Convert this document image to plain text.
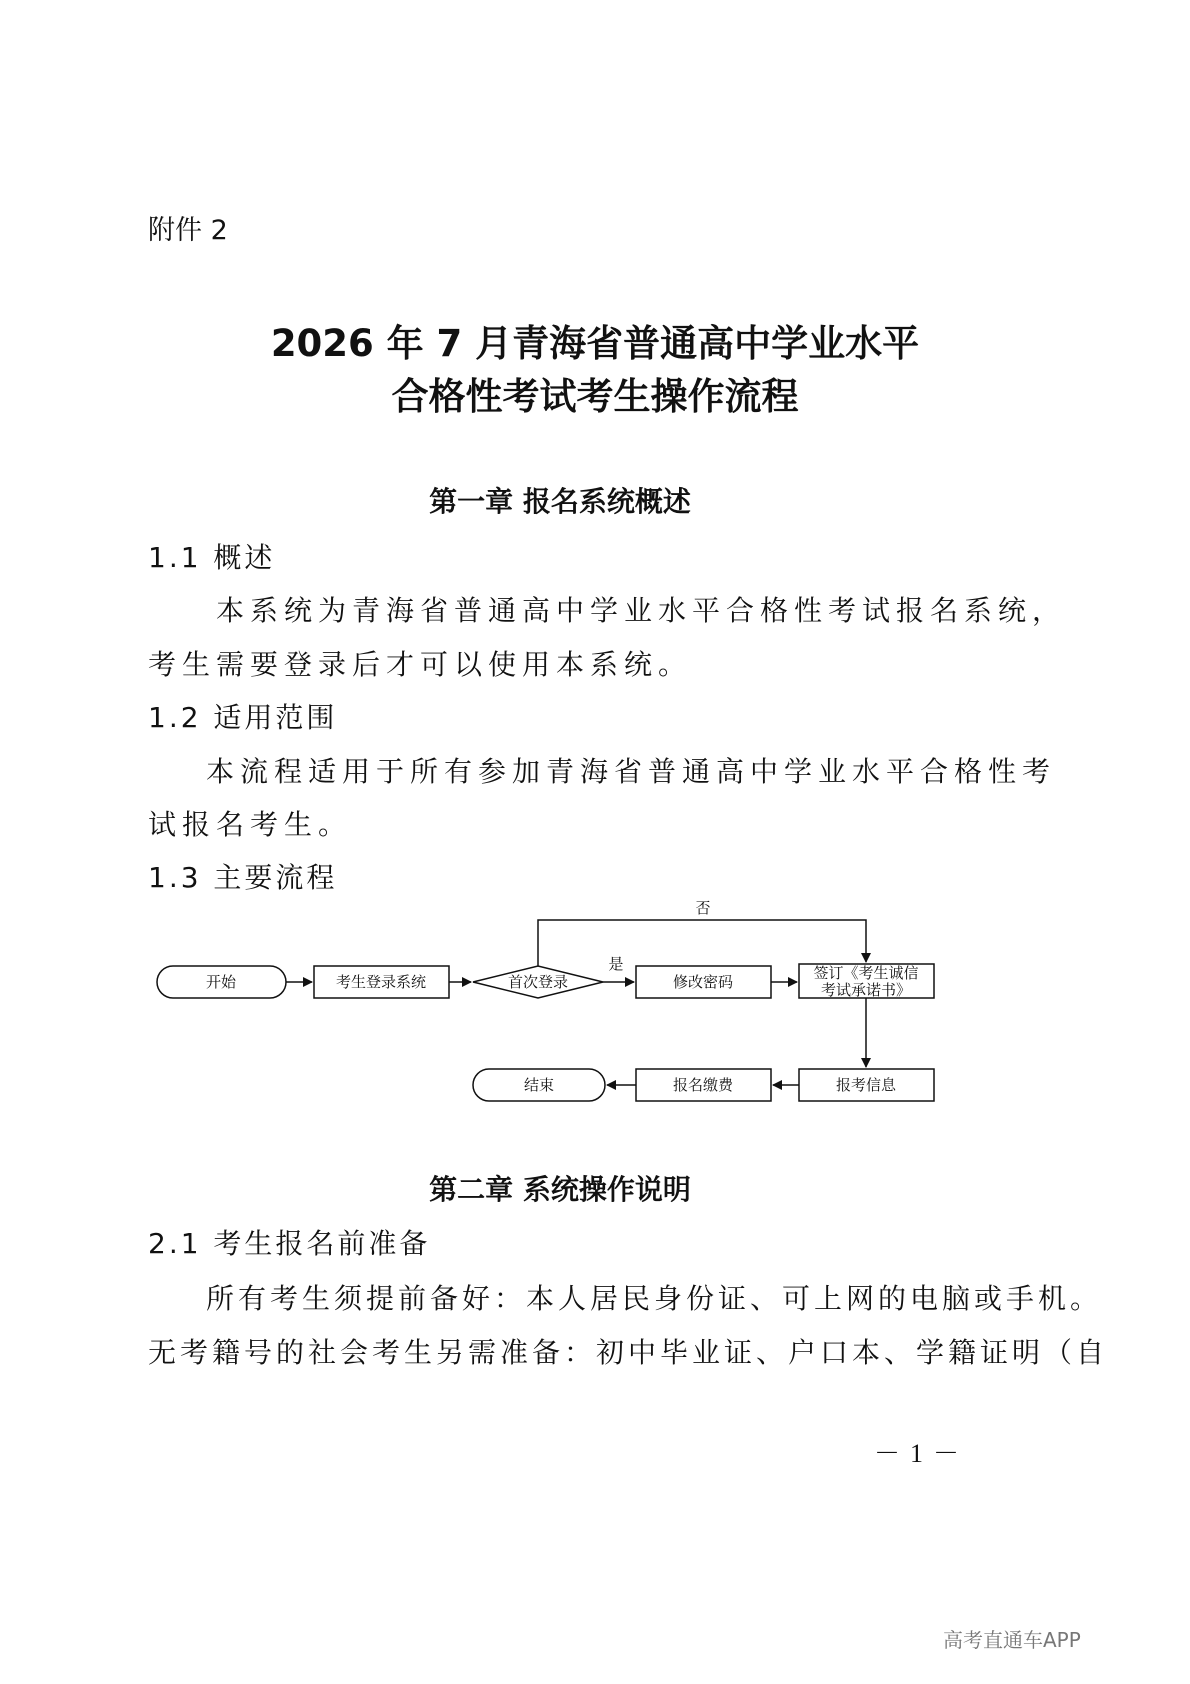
附件 2
2026 年 7 月青海省普通高中学业水平
合格性考试考生操作流程
第一章 报名系统概述
1.1 概述
本系统为青海省普通高中学业水平合格性考试报名系统，
考生需要登录后才可以使用本系统。
1.2 适用范围
本流程适用于所有参加青海省普通高中学业水平合格性考
试报名考生。
1.3 主要流程
开始	考生登录系统	首次登录	修改密码	签订《考生诚信
考试承诺书》
报考信息
报名缴费
结束
是
否
第二章 系统操作说明
2.1 考生报名前准备
所有考生须提前备好：本人居民身份证、可上网的电脑或手机。
无考籍号的社会考生另需准备：初中毕业证、户口本、学籍证明（自
－1－
高考直通车APP
